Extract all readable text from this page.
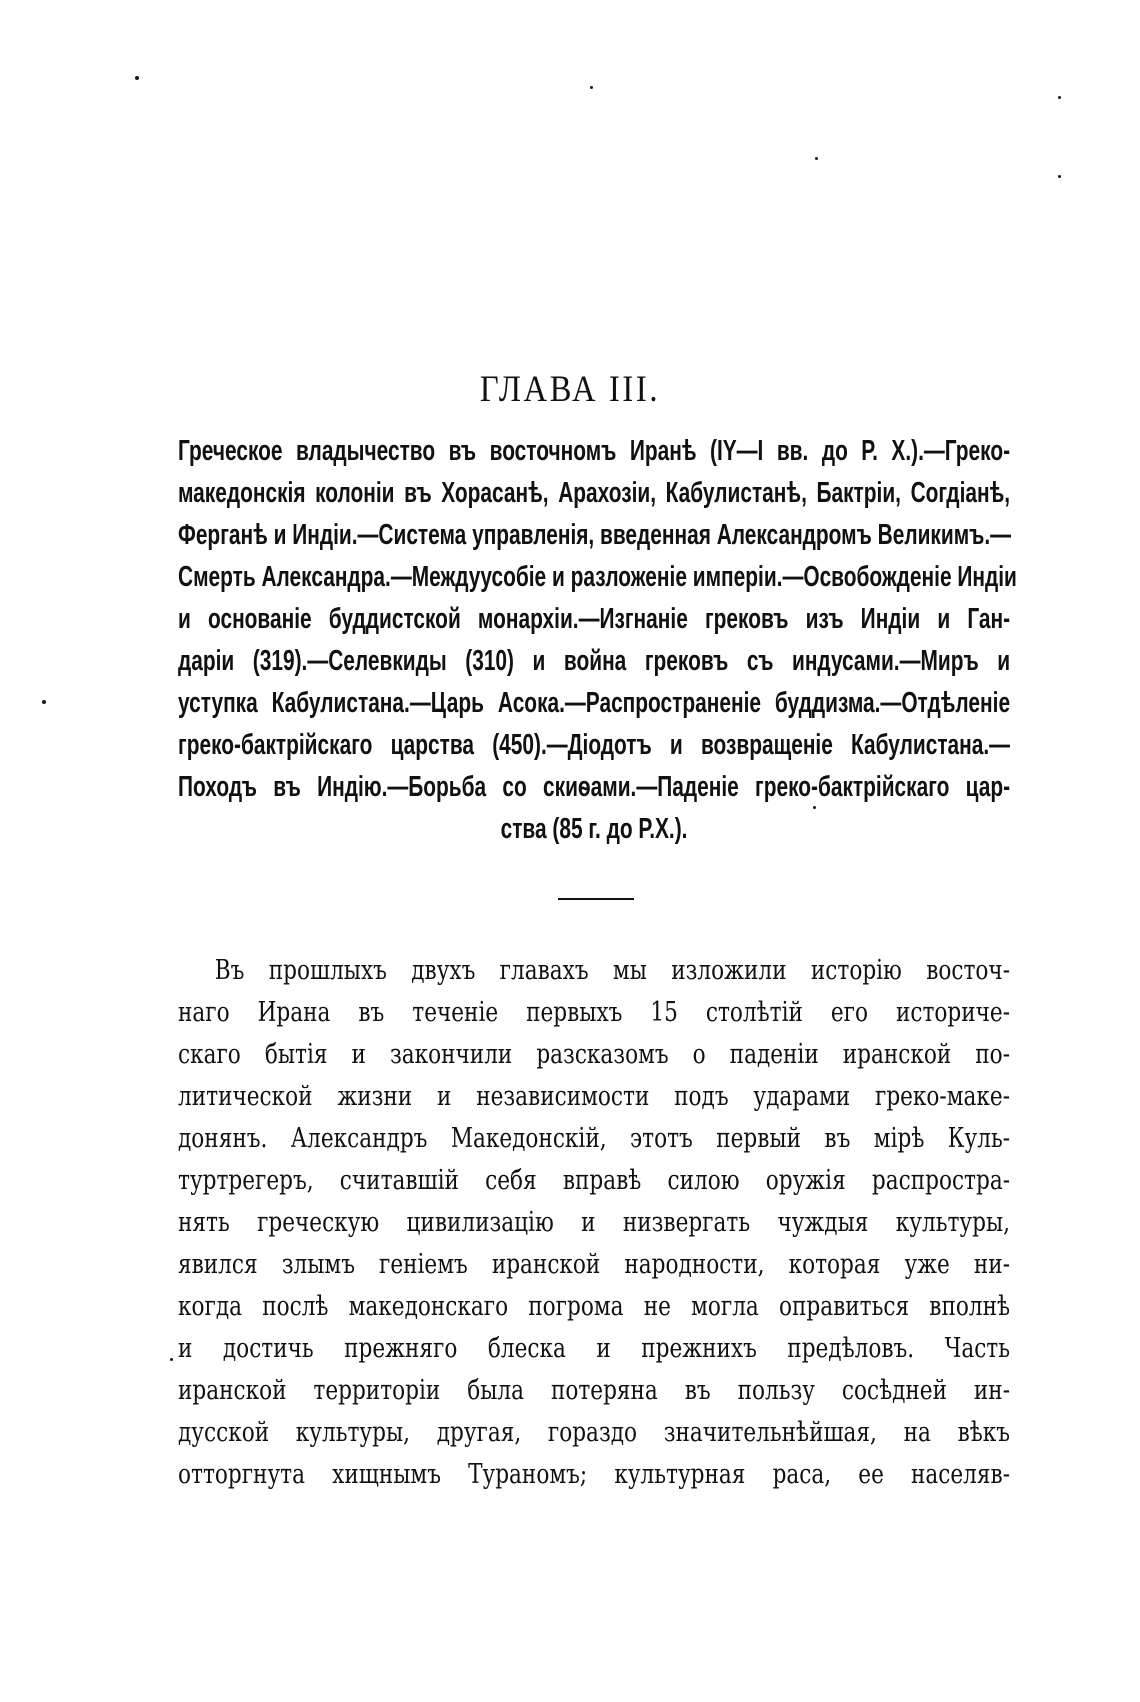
ГЛАВА III.
Греческое владычество въ восточномъ Иранѣ (IY—I вв. до Р. X.).—Греко-
македонскія колоніи въ Хорасанѣ, Арахозіи, Кабулистанѣ, Бактріи, Согдіанѣ,
Ферганѣ и Индіи.—Система управленія, введенная Александромъ Великимъ.—
Смерть Александра.—Междуусобіе и разложеніе имперіи.—Освобожденіе Индіи
и основаніе буддистской монархіи.—Изгнаніе грековъ изъ Индіи и Ган-
даріи (319).—Селевкиды (310) и война грековъ съ индусами.—Миръ и
уступка Кабулистана.—Царь Асока.—Распространеніе буддизма.—Отдѣленіе
греко-бактрійскаго царства (450).—Діодотъ и возвращеніе Кабулистана.—
Походъ въ Индію.—Борьба со скиѳами.—Паденіе греко-бактрійскаго цар-
ства (85 г. до Р.X.).
Въ прошлыхъ двухъ главахъ мы изложили исторію восточ-
наго Ирана въ теченіе первыхъ 15 столѣтій его историче-
скаго бытія и закончили разсказомъ о паденіи иранской по-
литической жизни и независимости подъ ударами греко-маке-
донянъ. Александръ Македонскій, этотъ первый въ мірѣ Куль-
туртрегеръ, считавшій себя вправѣ силою оружія распростра-
нять греческую цивилизацію и низвергать чуждыя культуры,
явился злымъ геніемъ иранской народности, которая уже ни-
когда послѣ македонскаго погрома не могла оправиться вполнѣ
и достичь прежняго блеска и прежнихъ предѣловъ. Часть
иранской территоріи была потеряна въ пользу сосѣдней ин-
дусской культуры, другая, гораздо значительнѣйшая, на вѣкъ
отторгнута хищнымъ Тураномъ; культурная раса, ее населяв-
